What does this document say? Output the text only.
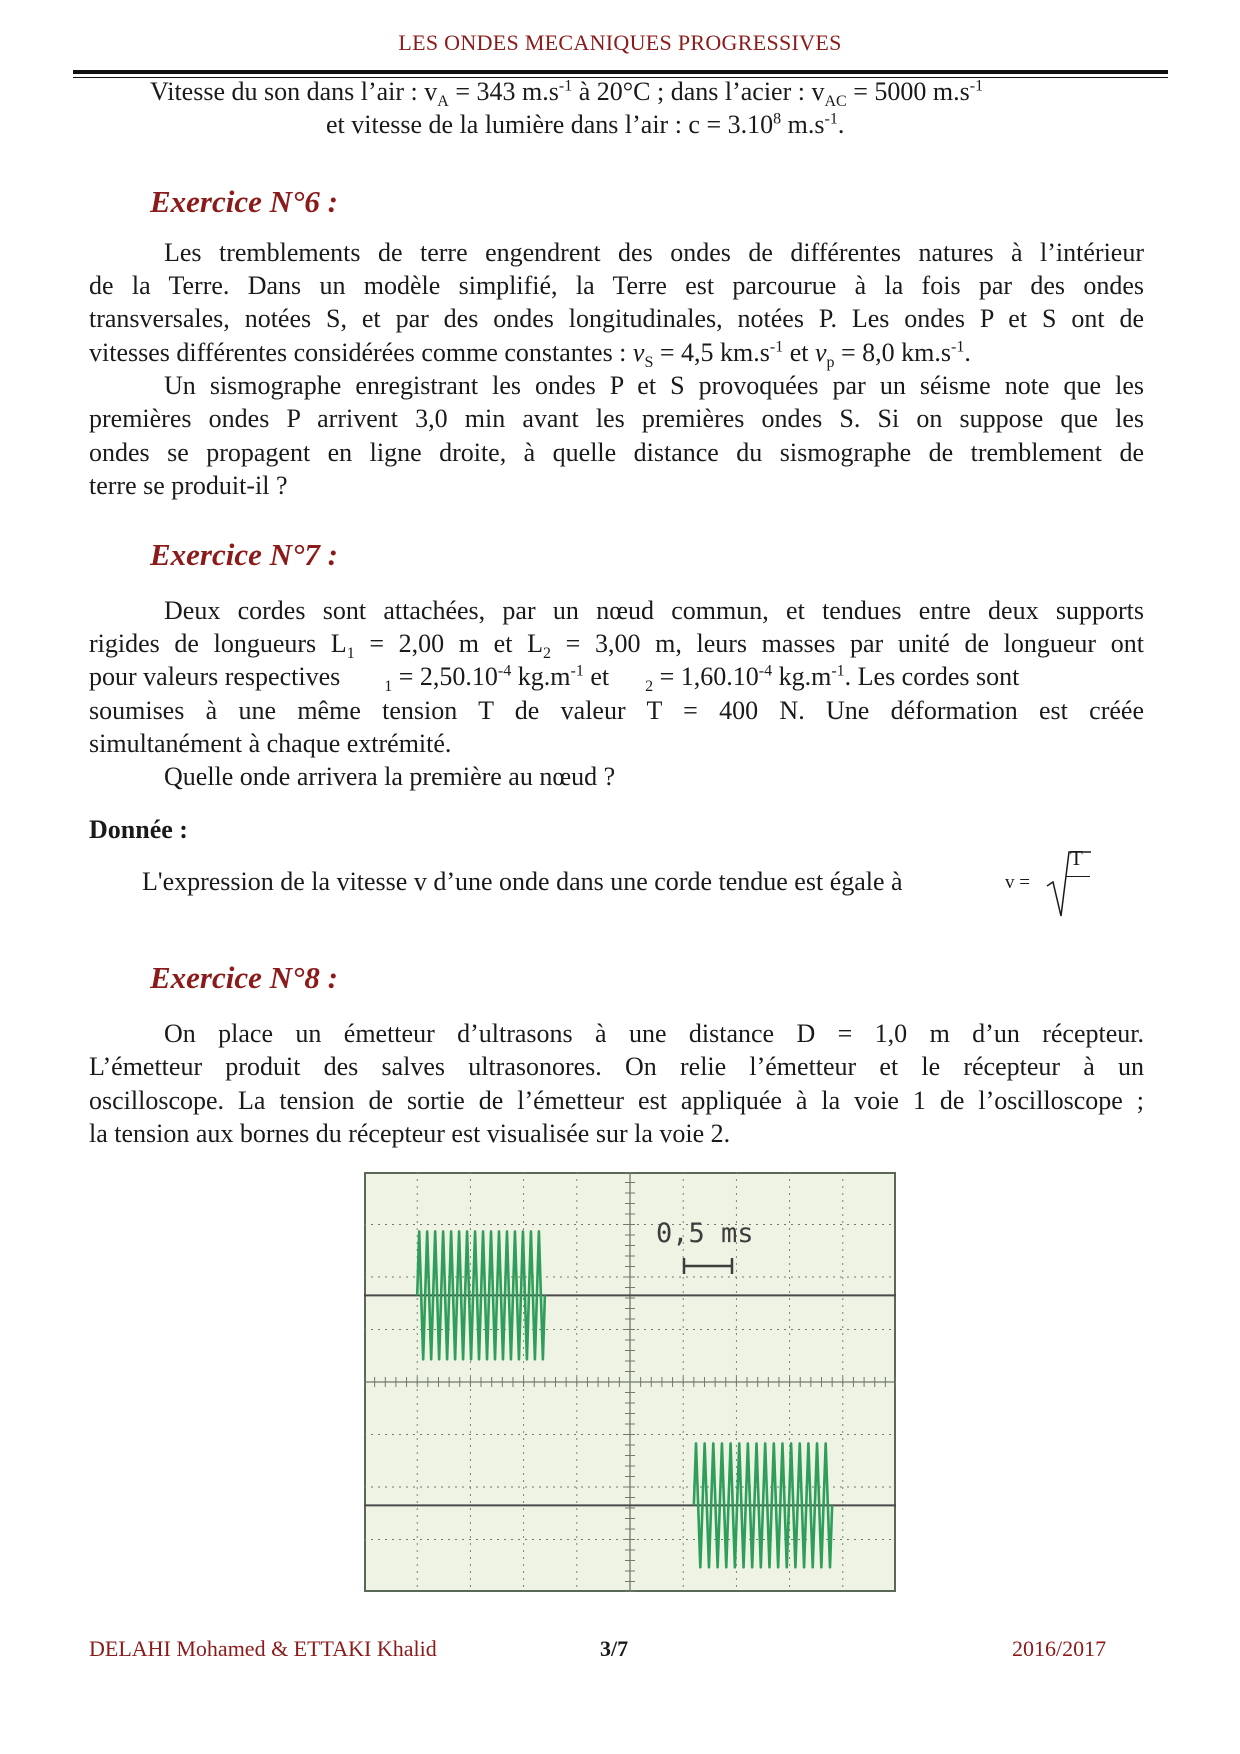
LES ONDES MECANIQUES PROGRESSIVES
Vitesse du son dans l’air : $v_A = 343$ $m.s^{-1}$ à 20°C ; dans l’acier : $v_{AC} = 5000$ $m.s^{-1}$
et vitesse de la lumière dans l’air : $c = 3.10^8$ $m.s^{-1}$.
Exercice N°6 :
Les tremblements de terre engendrent des ondes de différentes natures à l’intérieur
de la Terre. Dans un modèle simplifié, la Terre est parcourue à la fois par des ondes
transversales, notées S, et par des ondes longitudinales, notées P. Les ondes P et S ont de
vitesses différentes considérées comme constantes : $v_S = 4,5$ $km.s^{-1}$ et $v_p = 8,0$ $km.s^{-1}$.
Un sismographe enregistrant les ondes P et S provoquées par un séisme note que les
premières ondes P arrivent 3,0 min avant les premières ondes S. Si on suppose que les
ondes se propagent en ligne droite, à quelle distance du sismographe de tremblement de
terre se produit-il ?
Exercice N°7 :
Deux cordes sont attachées, par un nœud commun, et tendues entre deux supports
rigides de longueurs $L_1 = 2,00$ m et $L_2 = 3,00$ m, leurs masses par unité de longueur ont
pour valeurs respectives	$_1 = 2,50.10^{-4}$ $kg.m^{-1}$ et $_2 = 1,60.10^{-4}$ $kg.m^{-1}$. Les cordes sont
soumises à une même tension T de valeur T = 400 N. Une déformation est créée
simultanément à chaque extrémité.
Quelle onde arrivera la première au nœud ?
Donnée :
L'expression de la vitesse v d’une onde dans une corde tendue est égale à	v =
T
Exercice N°8 :
On place un émetteur d’ultrasons à une distance D = 1,0 m d’un récepteur.
L’émetteur produit des salves ultrasonores. On relie l’émetteur et le récepteur à un
oscilloscope. La tension de sortie de l’émetteur est appliquée à la voie 1 de l’oscilloscope ;
la tension aux bornes du récepteur est visualisée sur la voie 2.
0,5 ms
DELAHI Mohamed & ETTAKI Khalid	3/7	2016/2017
